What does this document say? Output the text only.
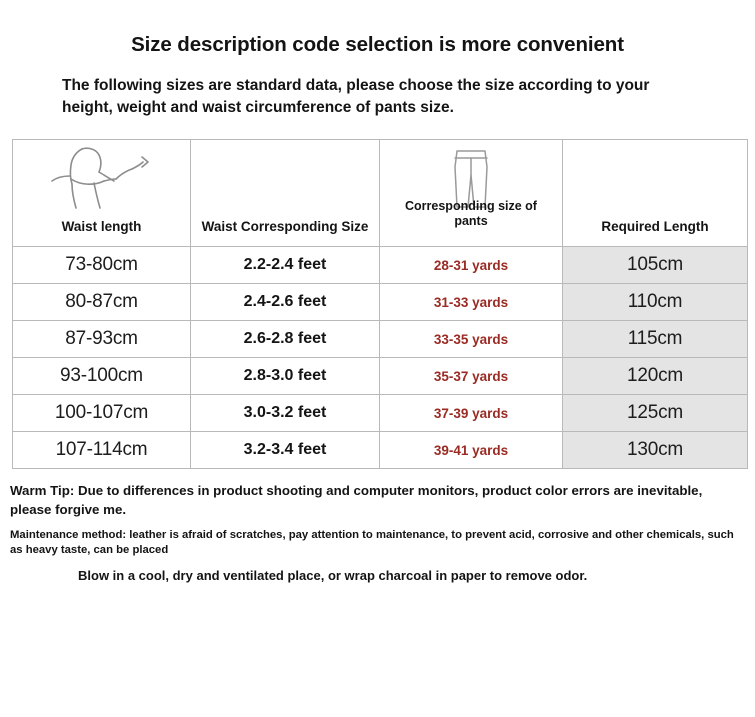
Size description code selection is more convenient
The following sizes are standard data, please choose the size according to your height, weight and waist circumference of pants size.
Waist length	Waist Corresponding Size	Corresponding size of pants	Required Length

73-80cm	2.2-2.4 feet	28-31 yards	105cm
80-87cm	2.4-2.6 feet	31-33 yards	110cm
87-93cm	2.6-2.8 feet	33-35 yards	115cm
93-100cm	2.8-3.0 feet	35-37 yards	120cm
100-107cm	3.0-3.2 feet	37-39 yards	125cm
107-114cm	3.2-3.4 feet	39-41 yards	130cm
Warm Tip: Due to differences in product shooting and computer monitors, product color errors are inevitable, please forgive me.
Maintenance method: leather is afraid of scratches, pay attention to maintenance, to prevent acid, corrosive and other chemicals, such as heavy taste, can be placed
Blow in a cool, dry and ventilated place, or wrap charcoal in paper to remove odor.
